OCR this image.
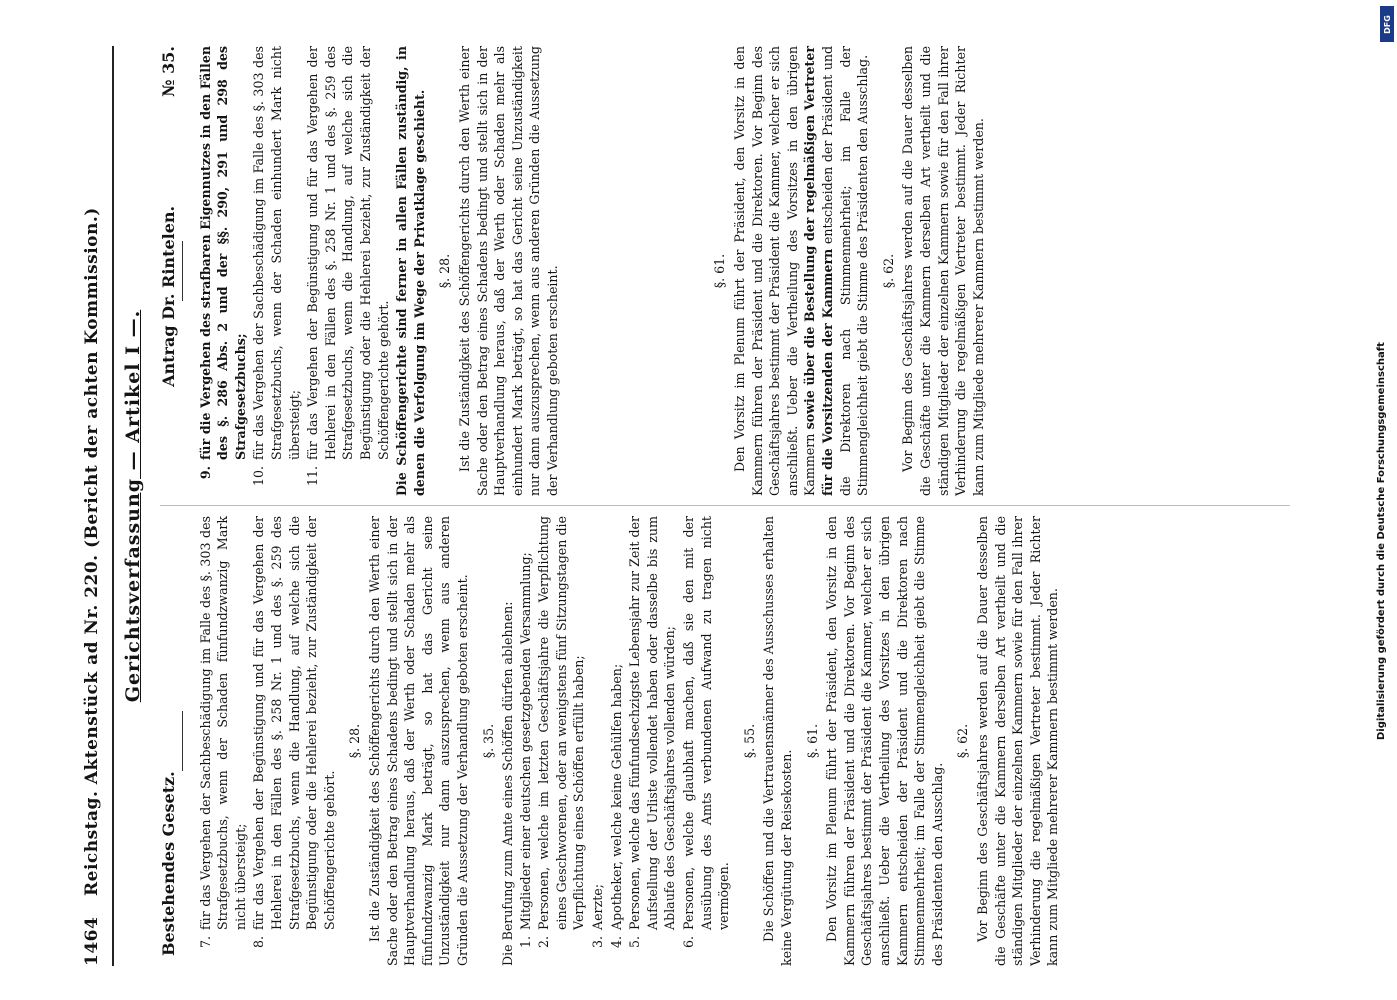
1464
Reichstag. Aktenstück ad Nr. 220. (Bericht der achten Kommission.) Gerichtsverfassung — Artikel I —.
Bestehendes Gesetz. 7.
für das Vergehen der Sachbeschädigung im Falle des §. 303 des Strafgesetzbuchs, wenn der Schaden fünfundzwanzig Mark nicht übersteigt;
8.
für das Vergehen der Begünstigung und für das Vergehen der Hehlerei in den Fällen des §. 258 Nr. 1 und des §. 259 des Strafgesetzbuchs, wenn die Handlung, auf welche sich die Begünstigung oder die Hehlerei bezieht, zur Zuständigkeit der Schöffengerichte gehört.
§. 28. Ist die Zuständigkeit des Schöffengerichts durch den Werth einer Sache oder den Betrag eines Schadens bedingt und stellt sich in der Hauptverhandlung heraus, daß der Werth oder Schaden mehr als fünfundzwanzig Mark beträgt, so hat das Gericht seine Unzuständigkeit nur dann auszusprechen, wenn aus anderen Gründen die Aussetzung der Verhandlung geboten erscheint. §. 35. Die Berufung zum Amte eines Schöffen dürfen ablehnen: 1.
Mitglieder einer deutschen gesetzgebenden Versammlung;
2.
Personen, welche im letzten Geschäftsjahre die Verpflichtung eines Geschworenen, oder an wenigstens fünf Sitzungstagen die Verpflichtung eines Schöffen erfüllt haben;
3.
Aerzte;
4.
Apotheker, welche keine Gehülfen haben;
5.
Personen, welche das fünfundsechzigste Lebensjahr zur Zeit der Aufstellung der Urliste vollendet haben oder dasselbe bis zum Ablaufe des Geschäftsjahres vollenden würden;
6.
Personen, welche glaubhaft machen, daß sie den mit der Ausübung des Amts verbundenen Aufwand zu tragen nicht vermögen.
§. 55. Die Schöffen und die Vertrauensmänner des Ausschusses erhalten keine Vergütung der Reisekosten.

§. 61. Den Vorsitz im Plenum führt der Präsident, den Vorsitz in den Kammern führen der Präsident und die Direktoren. Vor Beginn des Geschäftsjahres bestimmt der Präsident die Kammer, welcher er sich anschließt. Ueber die Vertheilung des Vorsitzes in den übrigen Kammern entscheiden der Präsident und die Direktoren nach Stimmenmehrheit; im Falle der Stimmengleichheit giebt die Stimme des Präsidenten den Ausschlag.

§. 62. Vor Beginn des Geschäftsjahres werden auf die Dauer desselben die Geschäfte unter die Kammern derselben Art vertheilt und die ständigen Mitglieder der einzelnen Kammern sowie für den Fall ihrer Verhinderung die regelmäßigen Vertreter bestimmt. Jeder Richter kann zum Mitgliede mehrerer Kammern bestimmt werden.

Antrag Dr. Rintelen.
№ 35.
9.
für die Vergehen des strafbaren Eigennutzes in den Fällen des §. 286 Abs. 2 und der §§. 290, 291 und 298 des Strafgesetzbuchs;
10.
für das Vergehen der Sachbeschädigung im Falle des §. 303 des Strafgesetzbuchs, wenn der Schaden einhundert Mark nicht übersteigt;
11.
für das Vergehen der Begünstigung und für das Vergehen der Hehlerei in den Fällen des §. 258 Nr. 1 und des §. 259 des Strafgesetzbuchs, wenn die Handlung, auf welche sich die Begünstigung oder die Hehlerei bezieht, zur Zuständigkeit der Schöffengerichte gehört. Die Schöffengerichte sind ferner in allen Fällen zuständig, in denen die Verfolgung im Wege der Privatklage geschieht. §. 28. Ist die Zuständigkeit des Schöffengerichts durch den Werth einer Sache oder den Betrag eines Schadens bedingt und stellt sich in der Hauptverhandlung heraus, daß der Werth oder Schaden mehr als einhundert Mark beträgt, so hat das Gericht seine Unzuständigkeit nur dann auszusprechen, wenn aus anderen Gründen die Aussetzung der Verhandlung geboten erscheint.	§. 61. Den Vorsitz im Plenum führt der Präsident, den Vorsitz in den Kammern führen der Präsident und die Direktoren. Vor Beginn des Geschäftsjahres bestimmt der Präsident die Kammer, welcher er sich anschließt. Ueber die Vertheilung des Vorsitzes in den übrigen Kammern sowie über die Bestellung der regelmäßigen Vertreter für die Vorsitzenden der Kammern entscheiden der Präsident und die Direktoren nach Stimmenmehrheit; im Falle der Stimmengleichheit giebt die Stimme des Präsidenten den Ausschlag. §. 62. Vor Beginn des Geschäftsjahres werden auf die Dauer desselben die Geschäfte unter die Kammern derselben Art vertheilt und die ständigen Mitglieder der einzelnen Kammern sowie für den Fall ihrer Verhinderung die regelmäßigen Vertreter bestimmt. Jeder Richter kann zum Mitgliede mehrerer Kammern bestimmt werden.

DFG
Digitalisierung gefördert durch die Deutsche Forschungsgemeinschaft
